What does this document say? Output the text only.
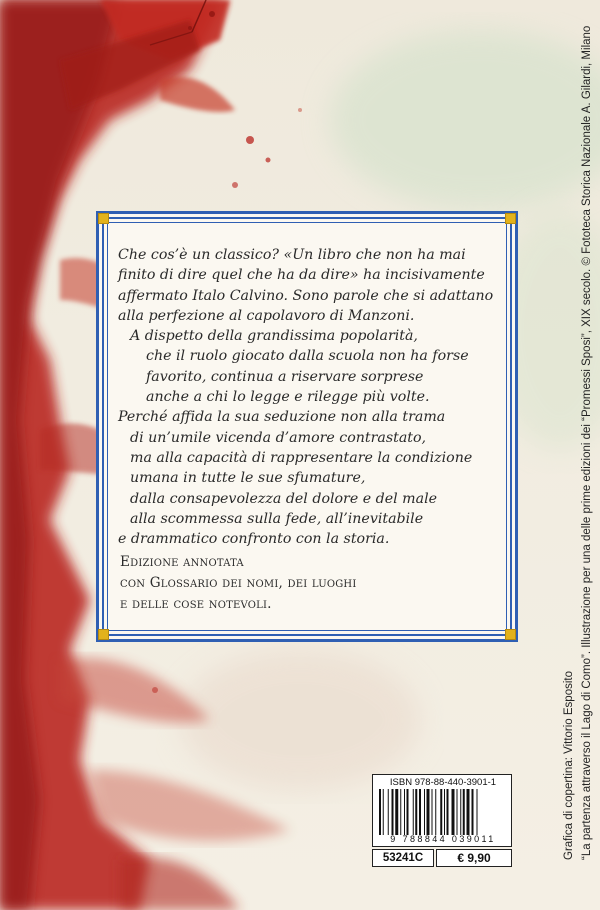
Che cos’è un classico? «Un libro che non ha mai
finito di dire quel che ha da dire» ha incisivamente
affermato Italo Calvino. Sono parole che si adattano
alla perfezione al capolavoro di Manzoni.
A dispetto della grandissima popolarità,
che il ruolo giocato dalla scuola non ha forse
favorito, continua a riservare sorprese
anche a chi lo legge e rilegge più volte.
Perché affida la sua seduzione non alla trama
di un’umile vicenda d’amore contrastato,
ma alla capacità di rappresentare la condizione
umana in tutte le sue sfumature,
dalla consapevolezza del dolore e del male
alla scommessa sulla fede, all’inevitabile
e drammatico confronto con la storia.
Edizione annotata
con Glossario dei nomi, dei luoghi
e delle cose notevoli.
Grafica di copertina: Vittorio Esposito “La partenza attraverso il Lago di Como”. Illustrazione per una delle prime edizioni dei “Promessi Sposi”, XIX secolo. © Fototeca Storica Nazionale A. Gilardi, Milano
ISBN 978-88-440-3901-1
9 788844 039011
53241C	€ 9,90
